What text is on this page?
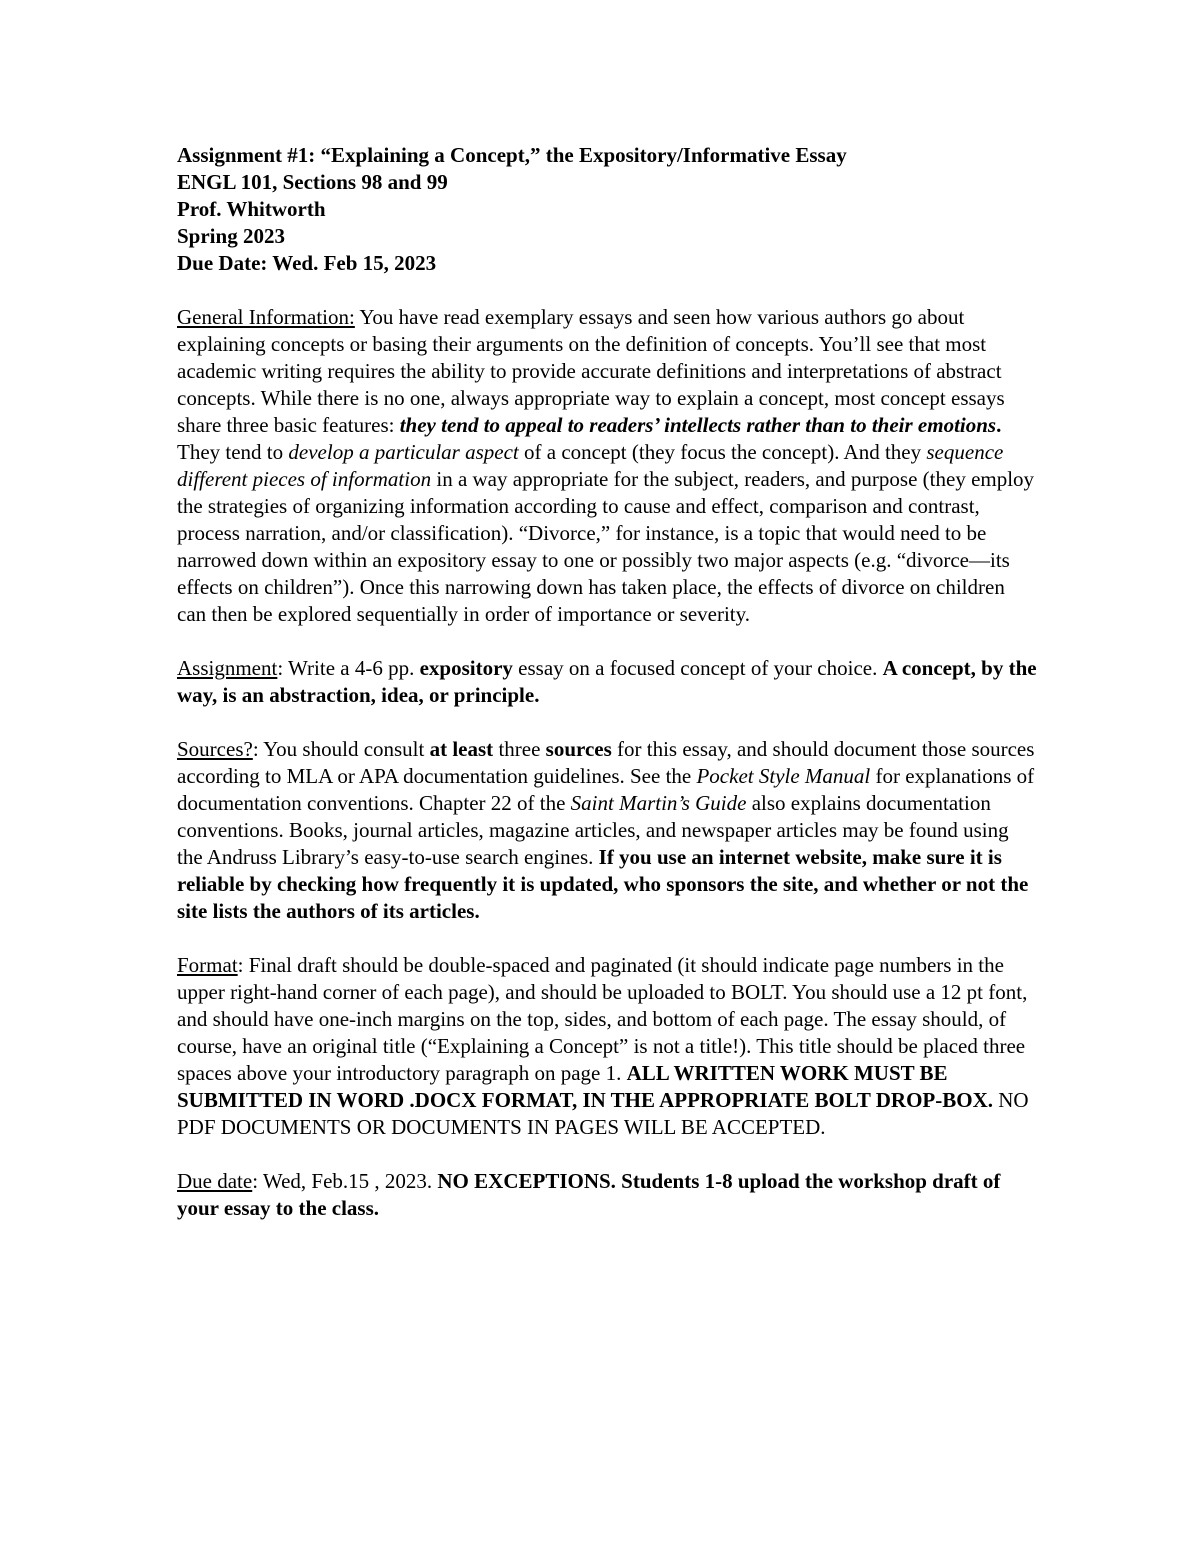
Assignment #1: “Explaining a Concept,” the Expository/Informative Essay
ENGL 101, Sections 98 and 99
Prof. Whitworth
Spring 2023
Due Date: Wed. Feb 15, 2023

General Information: You have read exemplary essays and seen how various authors go about explaining concepts or basing their arguments on the definition of concepts. You’ll see that most academic writing requires the ability to provide accurate definitions and interpretations of abstract concepts. While there is no one, always appropriate way to explain a concept, most concept essays share three basic features: they tend to appeal to readers’ intellects rather than to their emotions. They tend to develop a particular aspect of a concept (they focus the concept). And they sequence different pieces of information in a way appropriate for the subject, readers, and purpose (they employ the strategies of organizing information according to cause and effect, comparison and contrast, process narration, and/or classification). “Divorce,” for instance, is a topic that would need to be narrowed down within an expository essay to one or possibly two major aspects (e.g. “divorce—its effects on children”). Once this narrowing down has taken place, the effects of divorce on children can then be explored sequentially in order of importance or severity.

Assignment: Write a 4-6 pp. expository essay on a focused concept of your choice. A concept, by the way, is an abstraction, idea, or principle.

Sources?: You should consult at least three sources for this essay, and should document those sources according to MLA or APA documentation guidelines. See the Pocket Style Manual for explanations of documentation conventions. Chapter 22 of the Saint Martin’s Guide also explains documentation conventions. Books, journal articles, magazine articles, and newspaper articles may be found using the Andruss Library’s easy-to-use search engines. If you use an internet website, make sure it is reliable by checking how frequently it is updated, who sponsors the site, and whether or not the site lists the authors of its articles.

Format: Final draft should be double-spaced and paginated (it should indicate page numbers in the upper right-hand corner of each page), and should be uploaded to BOLT. You should use a 12 pt font, and should have one-inch margins on the top, sides, and bottom of each page. The essay should, of course, have an original title (“Explaining a Concept” is not a title!). This title should be placed three spaces above your introductory paragraph on page 1. ALL WRITTEN WORK MUST BE SUBMITTED IN WORD .DOCX FORMAT, IN THE APPROPRIATE BOLT DROP-BOX. NO PDF DOCUMENTS OR DOCUMENTS IN PAGES WILL BE ACCEPTED.

Due date: Wed, Feb.15 , 2023. NO EXCEPTIONS. Students 1-8 upload the workshop draft of your essay to the class.
